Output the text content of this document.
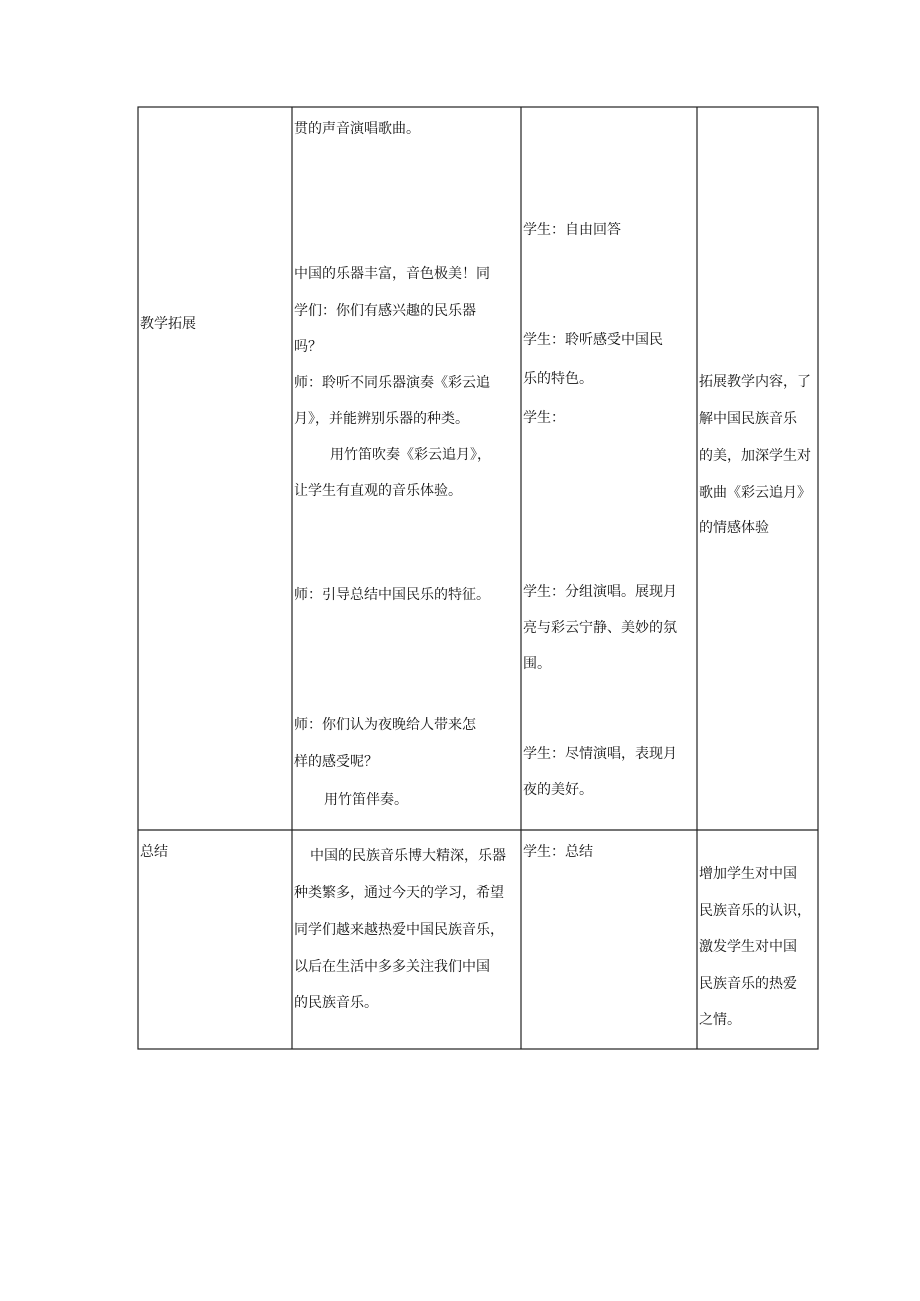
教学拓展
贯的声音演唱歌曲。
中国的乐器丰富，音色极美！同
学们：你们有感兴趣的民乐器
吗？
师：聆听不同乐器演奏《彩云追
月》，并能辨别乐器的种类。
用竹笛吹奏《彩云追月》，
让学生有直观的音乐体验。
师：引导总结中国民乐的特征。
师：你们认为夜晚给人带来怎
样的感受呢？
用竹笛伴奏。
学生：自由回答
学生：聆听感受中国民
乐的特色。
学生：
学生：分组演唱。展现月
亮与彩云宁静、美妙的氛
围。
学生：尽情演唱，表现月
夜的美好。
拓展教学内容，了
解中国民族音乐
的美，加深学生对
歌曲《彩云追月》
的情感体验
总结	中国的民族音乐博大精深，乐器
种类繁多，通过今天的学习，希望
同学们越来越热爱中国民族音乐，
以后在生活中多多关注我们中国
的民族音乐。
学生：总结
增加学生对中国
民族音乐的认识，
激发学生对中国
民族音乐的热爱
之情。
